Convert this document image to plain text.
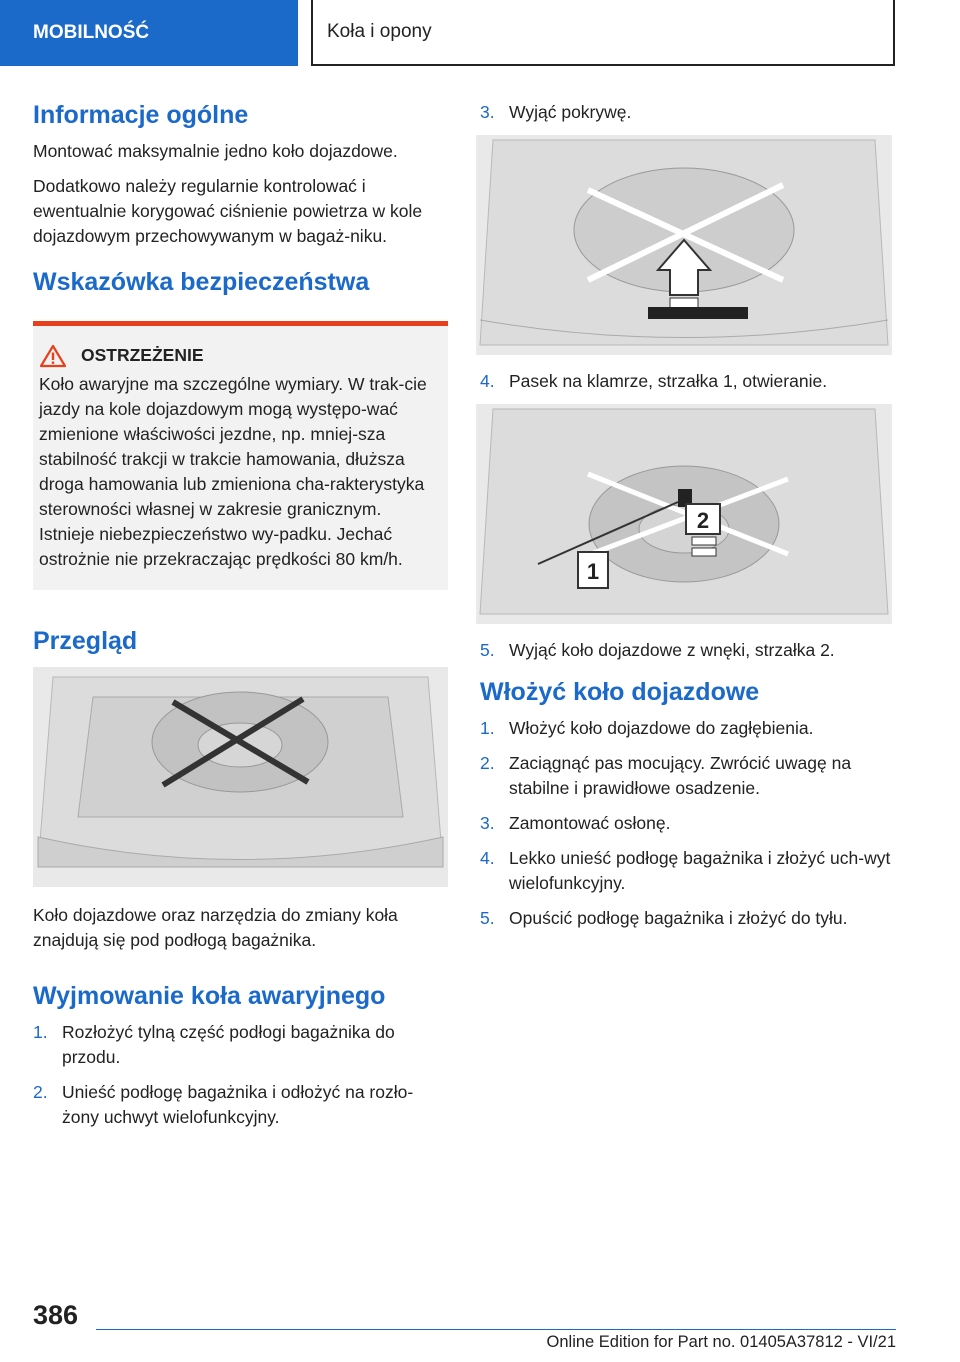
MOBILNOŚĆ	Koła i opony
Informacje ogólne

Montować maksymalnie jedno koło dojazdowe.

Dodatkowo należy regularnie kontrolować i ewentualnie korygować ciśnienie powietrza w kole dojazdowym przechowywanym w bagaż‐niku.

Wskazówka bezpieczeństwa
OSTRZEŻENIE

Koło awaryjne ma szczególne wymiary. W trak‐cie jazdy na kole dojazdowym mogą występo‐wać zmienione właściwości jezdne, np. mniej‐sza stabilność trakcji w trakcie hamowania, dłuższa droga hamowania lub zmieniona cha‐rakterystyka sterowności własnej w zakresie granicznym. Istnieje niebezpieczeństwo wy‐padku. Jechać ostrożnie nie przekraczając prędkości 80 km/h.

Przegląd

Koło dojazdowe oraz narzędzia do zmiany koła znajdują się pod podłogą bagażnika.

Wyjmowanie koła awaryjnego
1. Rozłożyć tylną część podłogi bagażnika do przodu.
2. Unieść podłogę bagażnika i odłożyć na rozło‐żony uchwyt wielofunkcyjny.
3. Wyjąć pokrywę.
4. Pasek na klamrze, strzałka 1, otwieranie.
1
2
5. Wyjąć koło dojazdowe z wnęki, strzałka 2.
Włożyć koło dojazdowe
1. Włożyć koło dojazdowe do zagłębienia.
2. Zaciągnąć pas mocujący. Zwrócić uwagę na stabilne i prawidłowe osadzenie.
3. Zamontować osłonę.
4. Lekko unieść podłogę bagażnika i złożyć uch‐wyt wielofunkcyjny.
5. Opuścić podłogę bagażnika i złożyć do tyłu.
386
Online Edition for Part no. 01405A37812 - VI/21
